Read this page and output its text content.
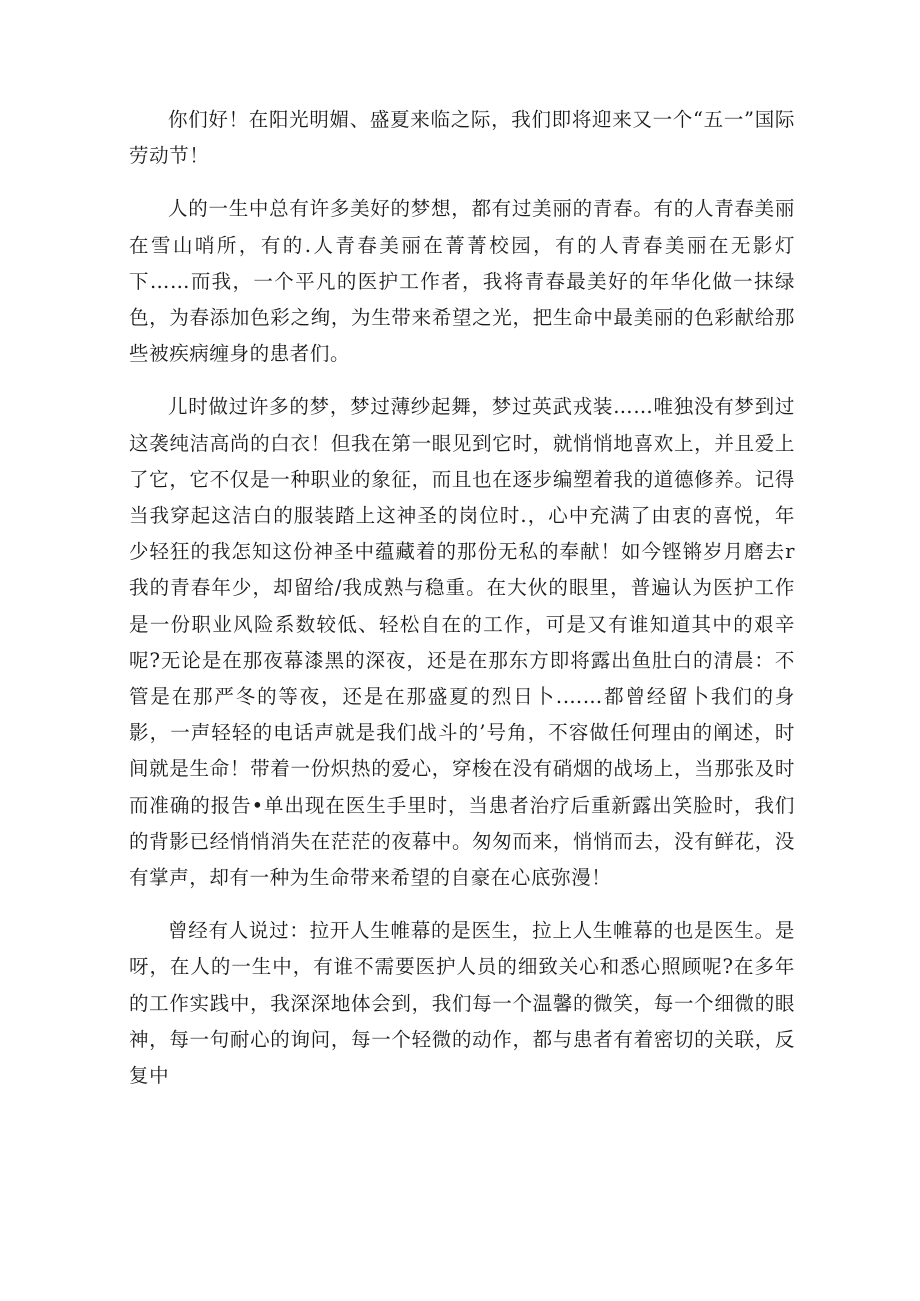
你们好！在阳光明媚、盛夏来临之际，我们即将迎来又一个“五一”国际劳动节！

人的一生中总有许多美好的梦想，都有过美丽的青春。有的人青春美丽在雪山哨所，有的.人青春美丽在菁菁校园，有的人青春美丽在无影灯下……而我，一个平凡的医护工作者，我将青春最美好的年华化做一抹绿色，为春添加色彩之绚，为生带来希望之光，把生命中最美丽的色彩献给那些被疾病缠身的患者们。

儿时做过许多的梦，梦过薄纱起舞，梦过英武戎装……唯独没有梦到过这袭纯洁高尚的白衣！但我在第一眼见到它时，就悄悄地喜欢上，并且爱上了它，它不仅是一种职业的象征，而且也在逐步编塑着我的道德修养。记得当我穿起这洁白的服装踏上这神圣的岗位时.，心中充满了由衷的喜悦，年少轻狂的我怎知这份神圣中蕴藏着的那份无私的奉献！如今铿锵岁月磨去r我的青春年少，却留给/我成熟与稳重。在大伙的眼里，普遍认为医护工作是一份职业风险系数较低、轻松自在的工作，可是又有谁知道其中的艰辛呢?无论是在那夜幕漆黑的深夜，还是在那东方即将露出鱼肚白的清晨：不管是在那严冬的等夜，还是在那盛夏的烈日卜.……都曾经留卜我们的身影，一声轻轻的电话声就是我们战斗的’号角，不容做任何理由的阐述，时间就是生命！带着一份炽热的爱心，穿梭在没有硝烟的战场上，当那张及时而准确的报告•单出现在医生手里时，当患者治疗后重新露出笑脸时，我们的背影已经悄悄消失在茫茫的夜幕中。匆匆而来，悄悄而去，没有鲜花，没有掌声，却有一种为生命带来希望的自豪在心底弥漫！

曾经有人说过：拉开人生帷幕的是医生，拉上人生帷幕的也是医生。是呀，在人的一生中，有谁不需要医护人员的细致关心和悉心照顾呢?在多年的工作实践中，我深深地体会到，我们每一个温馨的微笑，每一个细微的眼神，每一句耐心的询问，每一个轻微的动作，都与患者有着密切的关联，反复中
